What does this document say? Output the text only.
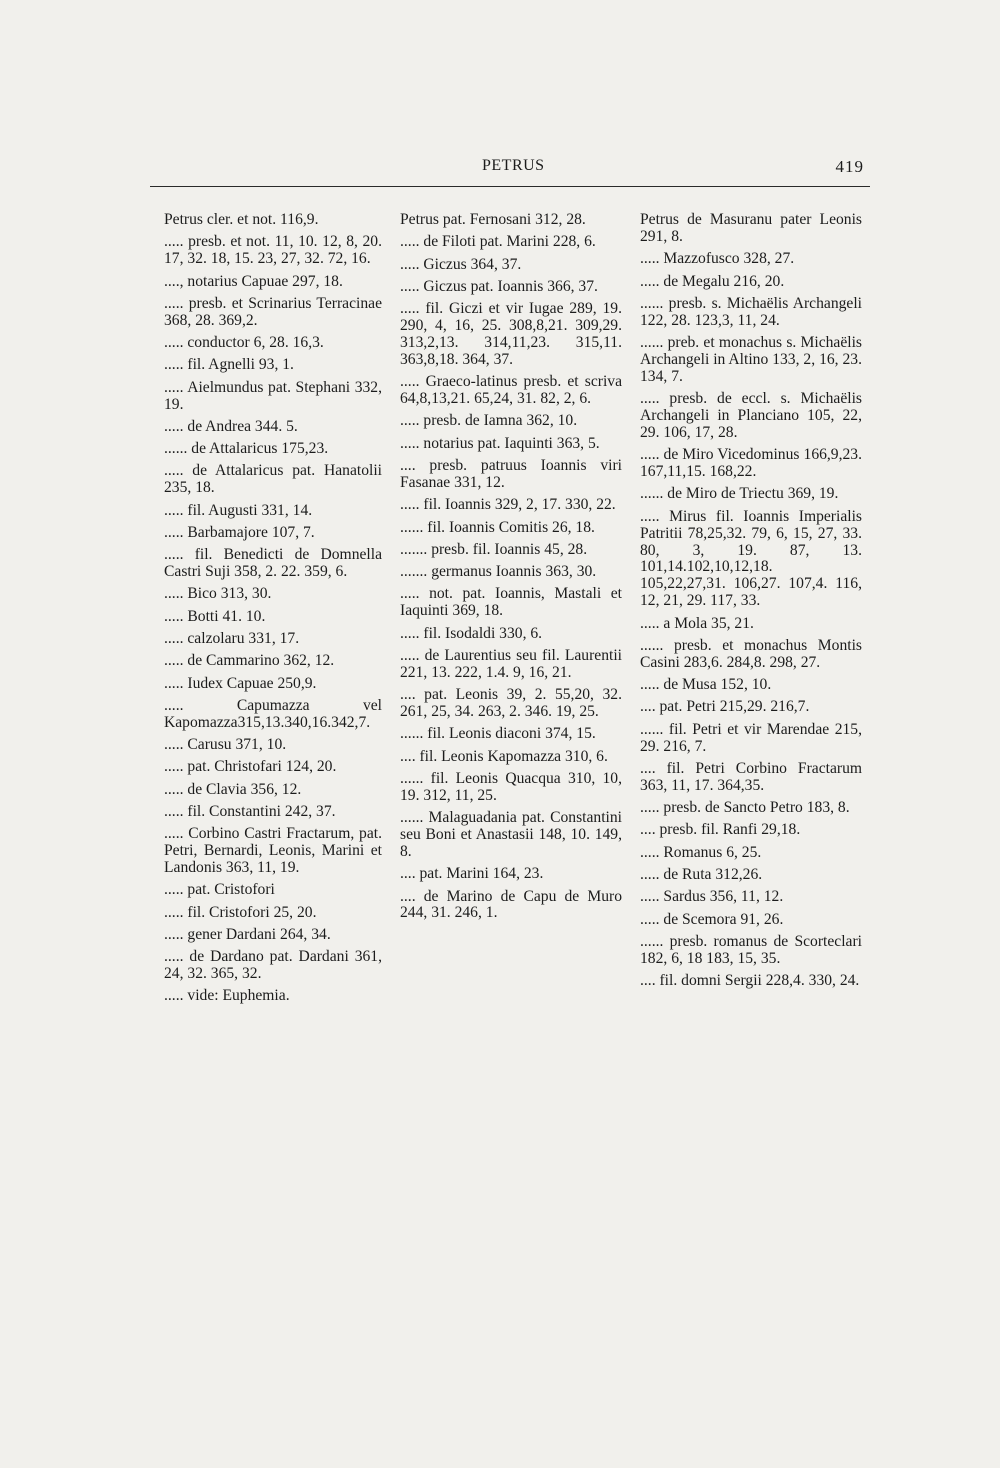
PETRUS	419

Petrus cler. et not. 116,9.

..... presb. et not. 11, 10. 12, 8, 20. 17, 32. 18, 15. 23, 27, 32. 72, 16.

...., notarius Capuae 297, 18.

..... presb. et Scrinarius Terracinae 368, 28. 369,2.

..... conductor 6, 28. 16,3.

..... fil. Agnelli 93, 1.

..... Aielmundus pat. Stephani 332, 19.

..... de Andrea 344. 5.

...... de Attalaricus 175,23.

..... de Attalaricus pat. Hanatolii 235, 18.

..... fil. Augusti 331, 14.

..... Barbamajore 107, 7.

..... fil. Benedicti de Domnella Castri Suji 358, 2. 22. 359, 6.

..... Bico 313, 30.

..... Botti 41. 10.

..... calzolaru 331, 17.

..... de Cammarino 362, 12.

..... Iudex Capuae 250,9.

..... Capumazza vel Kapomazza315,13.340,16.342,7.

..... Carusu 371, 10.

..... pat. Christofari 124, 20.

..... de Clavia 356, 12.

..... fil. Constantini 242, 37.

..... Corbino Castri Fractarum, pat. Petri, Bernardi, Leonis, Marini et Landonis 363, 11, 19.

..... pat. Cristofori

..... fil. Cristofori 25, 20.

..... gener Dardani 264, 34.

..... de Dardano pat. Dardani 361, 24, 32. 365, 32.

..... vide: Euphemia.

Petrus pat. Fernosani 312, 28.

..... de Filoti pat. Marini 228, 6.

..... Giczus 364, 37.

..... Giczus pat. Ioannis 366, 37.

..... fil. Giczi et vir Iugae 289, 19. 290, 4, 16, 25. 308,8,21. 309,29. 313,2,13. 314,11,23. 315,11. 363,8,18. 364, 37.

..... Graeco-latinus presb. et scriva 64,8,13,21. 65,24, 31. 82, 2, 6.

..... presb. de Iamna 362, 10.

..... notarius pat. Iaquinti 363, 5.

.... presb. patruus Ioannis viri Fasanae 331, 12.

..... fil. Ioannis 329, 2, 17. 330, 22.

...... fil. Ioannis Comitis 26, 18.

....... presb. fil. Ioannis 45, 28.

....... germanus Ioannis 363, 30.

..... not. pat. Ioannis, Mastali et Iaquinti 369, 18.

..... fil. Isodaldi 330, 6.

..... de Laurentius seu fil. Laurentii 221, 13. 222, 1.4. 9, 16, 21.

.... pat. Leonis 39, 2. 55,20, 32. 261, 25, 34. 263, 2. 346. 19, 25.

...... fil. Leonis diaconi 374, 15.

.... fil. Leonis Kapomazza 310, 6.

...... fil. Leonis Quacqua 310, 10, 19. 312, 11, 25.

...... Malaguadania pat. Constantini seu Boni et Anastasii 148, 10. 149, 8.

.... pat. Marini 164, 23.

.... de Marino de Capu de Muro 244, 31. 246, 1.

Petrus de Masuranu pater Leonis 291, 8.

..... Mazzofusco 328, 27.

..... de Megalu 216, 20.

...... presb. s. Michaëlis Archangeli 122, 28. 123,3, 11, 24.

...... preb. et monachus s. Michaëlis Archangeli in Altino 133, 2, 16, 23. 134, 7.

..... presb. de eccl. s. Michaëlis Archangeli in Planciano 105, 22, 29. 106, 17, 28.

..... de Miro Vicedominus 166,9,23. 167,11,15. 168,22.

...... de Miro de Triectu 369, 19.

..... Mirus fil. Ioannis Imperialis Patritii 78,25,32. 79, 6, 15, 27, 33. 80, 3, 19. 87, 13. 101,14.102,10,12,18. 105,22,27,31. 106,27. 107,4. 116, 12, 21, 29. 117, 33.

..... a Mola 35, 21.

...... presb. et monachus Montis Casini 283,6. 284,8. 298, 27.

..... de Musa 152, 10.

.... pat. Petri 215,29. 216,7.

...... fil. Petri et vir Marendae 215, 29. 216, 7.

.... fil. Petri Corbino Fractarum 363, 11, 17. 364,35.

..... presb. de Sancto Petro 183, 8.

.... presb. fil. Ranfi 29,18.

..... Romanus 6, 25.

..... de Ruta 312,26.

..... Sardus 356, 11, 12.

..... de Scemora 91, 26.

...... presb. romanus de Scorteclari 182, 6, 18 183, 15, 35.

.... fil. domni Sergii 228,4. 330, 24.
